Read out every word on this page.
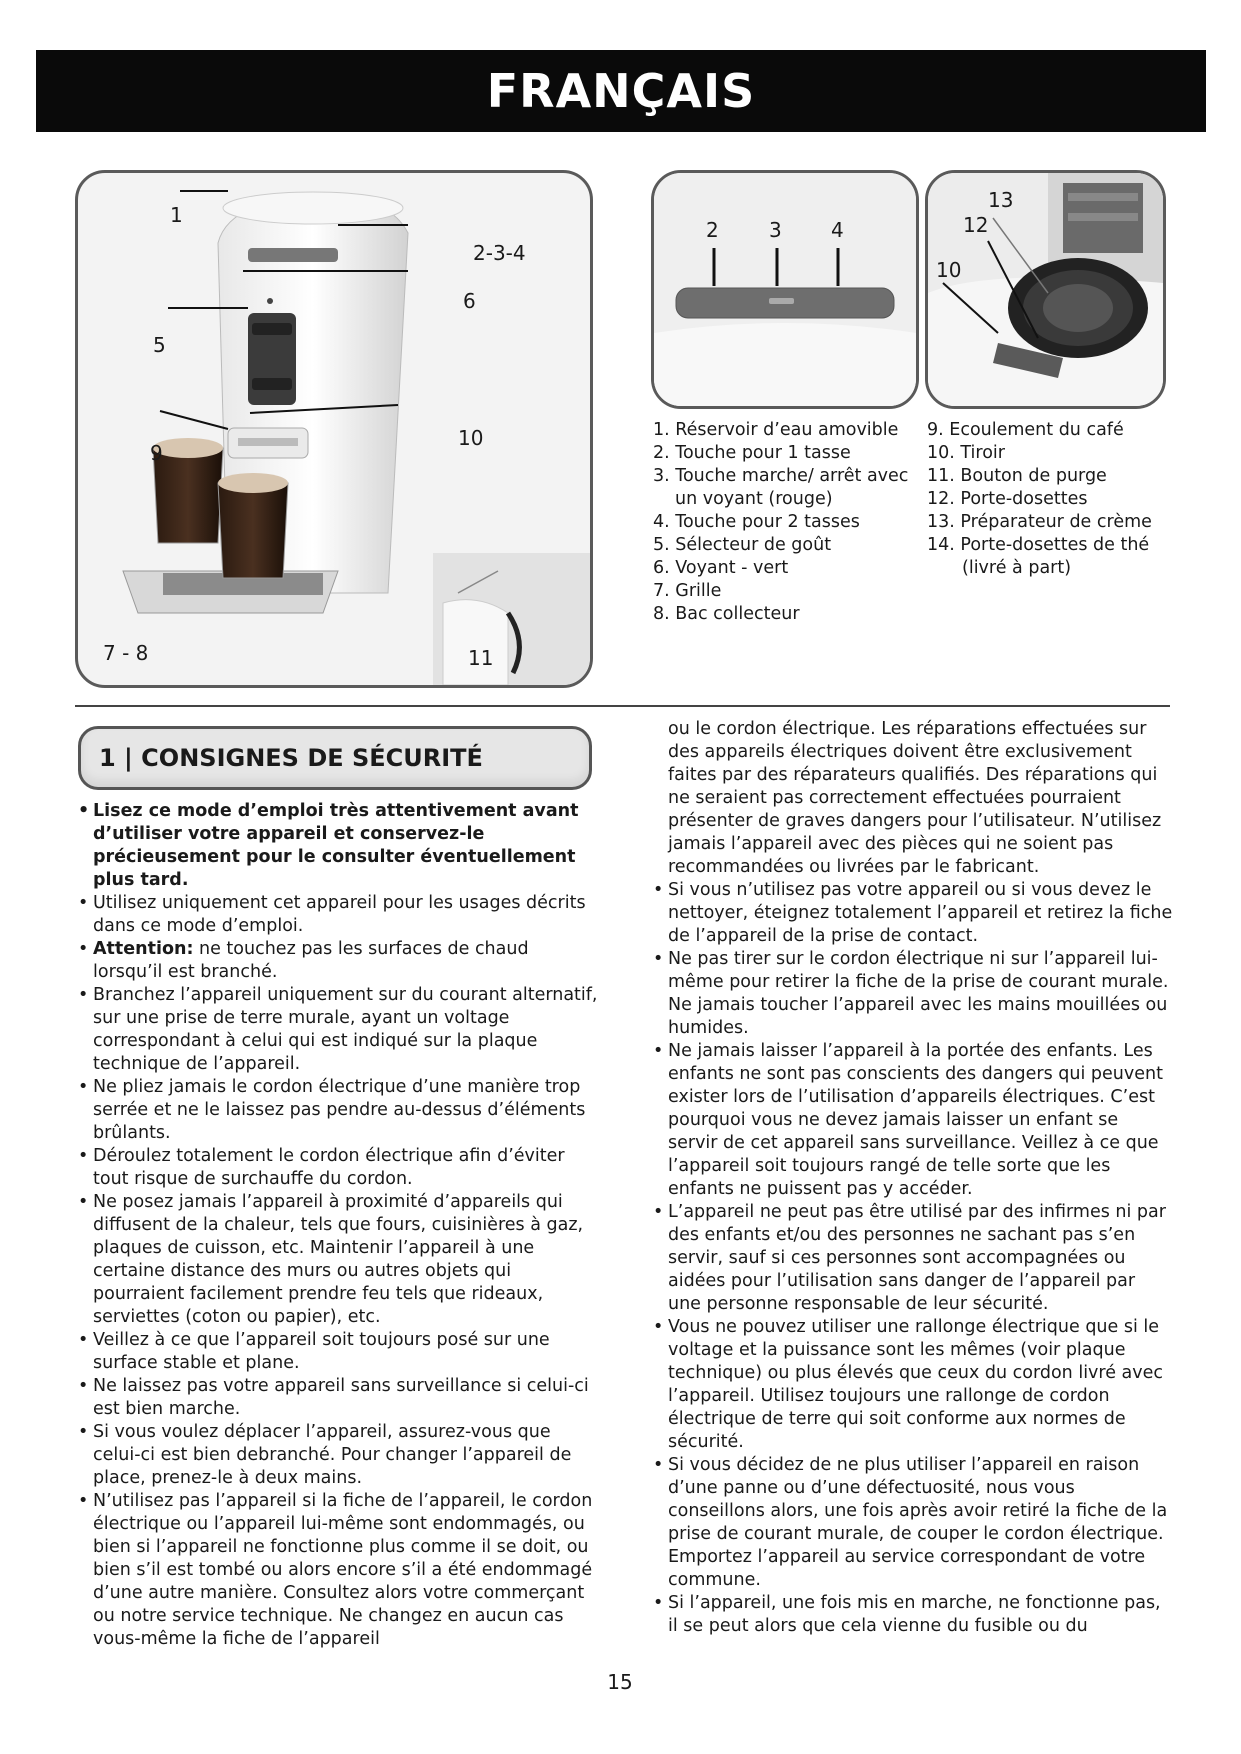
FRANÇAIS
1
2-3-4
6
5
10
9
7 - 8	11
2	3 4
13
12
10
1. Réservoir d’eau amovible
2. Touche pour 1 tasse
3. Touche marche/ arrêt avec
un voyant (rouge)
4. Touche pour 2 tasses
5. Sélecteur de goût
6. Voyant - vert
7. Grille
8. Bac collecteur
9. Ecoulement du café
10. Tiroir
11. Bouton de purge
12. Porte-dosettes
13. Préparateur de crème
14. Porte-dosettes de thé
(livré à part)
1 | CONSIGNES DE SÉCURITÉ

• Lisez ce mode d’emploi très attentivement avant d’utiliser votre appareil et conservez-le précieusement pour le consulter éventuellement plus tard.

• Utilisez uniquement cet appareil pour les usages décrits dans ce mode d’emploi.

• Attention: ne touchez pas les surfaces de chaud lorsqu’il est branché.

• Branchez l’appareil uniquement sur du courant alternatif, sur une prise de terre murale, ayant un voltage correspondant à celui qui est indiqué sur la plaque technique de l’appareil.

• Ne pliez jamais le cordon électrique d’une manière trop serrée et ne le laissez pas pendre au-dessus d’éléments brûlants.

• Déroulez totalement le cordon électrique afin d’éviter tout risque de surchauffe du cordon.

• Ne posez jamais l’appareil à proximité d’appareils qui diffusent de la chaleur, tels que fours, cuisinières à gaz, plaques de cuisson, etc. Maintenir l’appareil à une certaine distance des murs ou autres objets qui pourraient facilement prendre feu tels que rideaux, serviettes (coton ou papier), etc.

• Veillez à ce que l’appareil soit toujours posé sur une surface stable et plane.

• Ne laissez pas votre appareil sans surveillance si celui-ci est bien marche.

• Si vous voulez déplacer l’appareil, assurez-vous que celui-ci est bien debranché. Pour changer l’appareil de place, prenez-le à deux mains.

• N’utilisez pas l’appareil si la fiche de l’appareil, le cordon électrique ou l’appareil lui-même sont endommagés, ou bien si l’appareil ne fonctionne plus comme il se doit, ou bien s’il est tombé ou alors encore s’il a été endommagé d’une autre manière. Consultez alors votre commerçant ou notre service technique. Ne changez en aucun cas vous-même la fiche de l’appareil

ou le cordon électrique. Les réparations effectuées sur des appareils électriques doivent être exclusivement faites par des réparateurs qualifiés. Des réparations qui ne seraient pas correctement effectuées pourraient présenter de graves dangers pour l’utilisateur. N’utilisez jamais l’appareil avec des pièces qui ne soient pas recommandées ou livrées par le fabricant.

• Si vous n’utilisez pas votre appareil ou si vous devez le nettoyer, éteignez totalement l’appareil et retirez la fiche de l’appareil de la prise de contact.

• Ne pas tirer sur le cordon électrique ni sur l’appareil lui-même pour retirer la fiche de la prise de courant murale. Ne jamais toucher l’appareil avec les mains mouillées ou humides.

• Ne jamais laisser l’appareil à la portée des enfants. Les enfants ne sont pas conscients des dangers qui peuvent exister lors de l’utilisation d’appareils électriques. C’est pourquoi vous ne devez jamais laisser un enfant se servir de cet appareil sans surveillance. Veillez à ce que l’appareil soit toujours rangé de telle sorte que les enfants ne puissent pas y accéder.

• L’appareil ne peut pas être utilisé par des infirmes ni par des enfants et/ou des personnes ne sachant pas s’en servir, sauf si ces personnes sont accompagnées ou aidées pour l’utilisation sans danger de l’appareil par une personne responsable de leur sécurité.

• Vous ne pouvez utiliser une rallonge électrique que si le voltage et la puissance sont les mêmes (voir plaque technique) ou plus élevés que ceux du cordon livré avec l’appareil. Utilisez toujours une rallonge de cordon électrique de terre qui soit conforme aux normes de sécurité.

• Si vous décidez de ne plus utiliser l’appareil en raison d’une panne ou d’une défectuosité, nous vous conseillons alors, une fois après avoir retiré la fiche de la prise de courant murale, de couper le cordon électrique. Emportez l’appareil au service correspondant de votre commune.

• Si l’appareil, une fois mis en marche, ne fonctionne pas, il se peut alors que cela vienne du fusible ou du

15
